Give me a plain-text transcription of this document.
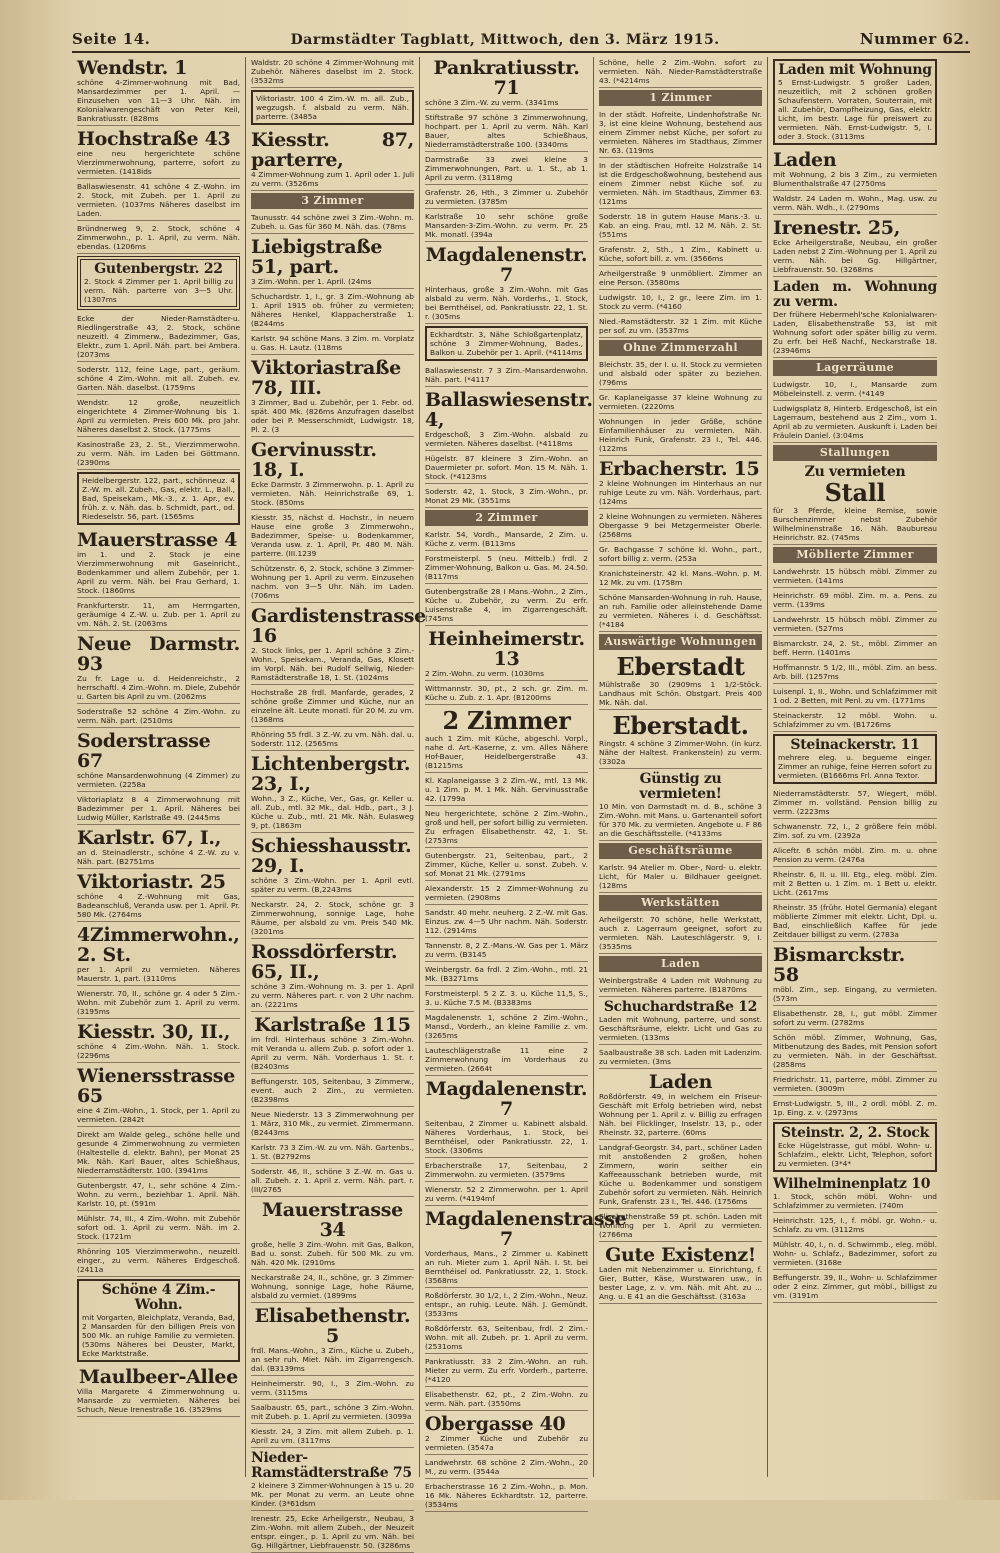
Seite 14.	Darmstädter Tagblatt, Mittwoch, den 3. März 1915.	Nummer 62.
Wendstr. 1
schöne 4-Zimmer-wohnung mit Bad, Mansardezimmer per 1. April. — Einzusehen von 11—3 Uhr. Näh. im Kolonialwarengeschäft von Peter Keil, Bankratiusstr. (828ms
Hochstraße 43
eine neu hergerichtete schöne Vierzimmerwohnung, parterre, sofort zu vermieten. (1418ids
Ballaswiesenstr. 41 schöne 4 Z.-Wohn. im 2. Stock, mit Zubeh. per 1. April zu vermieten. (1037ms Näheres daselbst im Laden.
Bründnerweg 9, 2. Stock, schöne 4 Zimmerwohn., p. 1. April, zu verm. Näh. ebendas. (1206ms
Gutenbergstr. 22
2. Stock 4 Zimmer per 1. April billig zu verm. Näh. parterre von 3—5 Uhr. (1307ms
Ecke der Nieder-Ramstädter-u. Riedlingerstraße 43, 2. Stock, schöne neuzeitl. 4 Zimmerw., Badezimmer, Gas, Elektr., zum 1. April. Näh. part. bei Ambera. (2073ms
Soderstr. 112, feine Lage, part., geräum. schöne 4 Zim.-Wohn. mit all. Zubeh. ev. Garten. Näh. daselbst. (1759ms
Wendstr. 12 große, neuzeitlich eingerichtete 4 Zimmer-Wohnung bis 1. April zu vermieten. Preis 600 Mk. pro Jahr. Näheres daselbst 2. Stock. (1775ms
Kasinostraße 23, 2. St., Vierzimmerwohn. zu verm. Näh. im Laden bei Göttmann. (2390ms
Heidelbergerstr. 122, part., schönneuz. 4 Z.-W. m. all. Zubeh., Gas, elektr. L., Ball., Bad, Speisekam., Mk.-3., z. 1. Apr., ev. früh. z. v. Näh. das. b. Schmidt, part., od. Riedeselstr. 56, part. (1565ms
Mauerstrasse 4
im 1. und 2. Stock je eine Vierzimmerwohnung mit Gaseinricht., Bodenkammer und allem Zubehör, per 1. April zu verm. Näh. bei Frau Gerhard, 1. Stock. (1860ms
Frankfurterstr. 11, am Herrngarten, geräumige 4 Z.-W. u. Zub. per 1. April zu vm. Näh. 2. St. (2063ms
Neue Darmstr. 93
Zu fr. Lage u. d. Heidenreichstr., 2 herrschaftl. 4 Zim.-Wohn. m. Diele, Zubehör u. Garten bis April zu vm. (2062ms
Soderstraße 52 schöne 4 Zim.-Wohn. zu verm. Näh. part. (2510ms
Soderstrasse 67
schöne Mansardenwohnung (4 Zimmer) zu vermieten. (2258a
Viktoriaplatz 8 4 Zimmerwohnung mit Badezimmer per 1. April. Näheres bei Ludwig Müller, Karlstraße 49. (2445ms
Karlstr. 67, I.,
an d. Steinadlerstr., schöne 4 Z.-W. zu v. Näh. part. (B2751ms
Viktoriastr. 25
schöne 4 Z.-Wohnung mit Gas, Badeanschluß, Veranda usw. per 1. April. Pr. 580 Mk. (2764ms
4Zimmerwohn., 2. St.
per 1. April zu vermieten. Näheres Mauerstr. 1, part. (3110ms
Wienerstr. 70, II., schöne gr. 4 oder 5 Zim.-Wohn. mit Zubehör zum 1. April zu verm. (3195ms
Kiesstr. 30, II.,
schöne 4 Zim.-Wohn. Näh. 1. Stock. (2296ms
Wienersstrasse 65
eine 4 Zim.-Wohn., 1. Stock, per 1. April zu vermieten. (2842t
Direkt am Walde geleg., schöne helle und gesunde 4 Zimmerwohnung zu vermieten (Haltestelle d. elektr. Bahn), per Monat 25 Mk. Näh. Karl Bauer, altes Schießhaus, Niederramstädterstr. 100. (3941ms
Gutenbergstr. 47, I., sehr schöne 4 Zim.-Wohn. zu verm., beziehbar 1. April. Näh. Karlstr. 10, pt. (591m
Mühlstr. 74, III., 4 Zim.-Wohn. mit Zubehör sofort od. 1. April zu verm. Näh. im 2. Stock. (1721m
Rhönring 105 Vierzimmerwohn., neuzeitl. einger., zu verm. Näheres Erdgeschoß. (2411a
Schöne 4 Zim.-Wohn.
mit Vorgarten, Bleichplatz, Veranda, Bad, 2 Mansarden für den billigen Preis von 500 Mk. an ruhige Familie zu vermieten. (530ms Näheres bei Deuster, Markt, Ecke Marktstraße.
Maulbeer-Allee
Villa Margarete 4 Zimmerwohnung u. Mansarde zu vermieten. Näheres bei Schuch, Neue Irenestraße 16. (3529ms
Waldstr. 20 schöne 4 Zimmer-Wohnung mit Zubehör. Näheres daselbst im 2. Stock. (3532ms
Viktoriastr. 100 4 Zim.-W. m. all. Zub., wegzugsh. f. alsbald zu verm. Näh. parterre. (3485a
Kiesstr. 87, parterre,
4 Zimmer-Wohnung zum 1. April oder 1. Juli zu verm. (3526ms
3 Zimmer
Taunusstr. 44 schöne zwei 3 Zim.-Wohn. m. Zubeh. u. Gas für 360 M. Näh. das. (78ms
Liebigstraße 51, part.
3 Zim.-Wohn. per 1. April. (24ms
Schuchardstr. 1, I., gr. 3 Zim.-Wohnung ab 1. April 1915 ob. früher zu vermieten; Näheres Henkel, Klappacherstraße 1. (B244ms
Karlstr. 94 schöne Mans. 3 Zim. m. Vorplatz u. Gas. H. Lautz. (118ms
Viktoriastraße 78, III.
3 Zimmer, Bad u. Zubehör, per 1. Febr. od. spät. 400 Mk. (826ms Anzufragen daselbst oder bei P. Messerschmidt, Ludwigstr. 18, Pl. 2. (3
Gervinusstr. 18, I.
Ecke Darmstr. 3 Zimmerwohn. p. 1. April zu vermieten. Näh. Heinrichstraße 69, 1. Stock. (850ms
Kiesstr. 35, nächst d. Hochstr., in neuem Hause eine große 3 Zimmerwohn., Badezimmer, Speise- u. Bodenkammer, Veranda usw. z. 1. April, Pr. 480 M. Näh. parterre. (III.1239
Schützenstr. 6, 2. Stock, schöne 3 Zimmer-Wohnung per 1. April zu verm. Einzusehen nachm. von 3—5 Uhr. Näh. im Laden. (706ms
Gardistenstrasse 16
2. Stock links, per 1. April schöne 3 Zim.-Wohn., Speisekam., Veranda, Gas, Klosett im Vorpl. Näh. bei Rudolf Sellwig, Nieder-Ramstädterstraße 18, 1. St. (1024ms
Hochstraße 28 frdl. Manfarde, gerades, 2 schöne große Zimmer und Küche, nur an einzelne ält. Leute monatl. für 20 M. zu vm. (1368ms
Rhönring 55 frdl. 3 Z.-W. zu vm. Näh. dal. u. Soderstr. 112. (2565ms
Lichtenbergstr. 23, I.,
Wohn., 3 Z., Küche, Ver., Gas, gr. Keller u. all. Zub., mtl. 32 Mk., dal. Hdb., part., 3 J. Küche u. Zub., mtl. 21 Mk. Näh. Eulasweg 9, pt. (1863m
Schiesshausstr. 29, I.
schöne 3 Zim.-Wohn. per 1. April evtl. später zu verm. (B,2243ms
Neckarstr. 24, 2. Stock, schöne gr. 3 Zimmerwohnung, sonnige Lage, hohe Räume, per alsbald zu vm. Preis 540 Mk. (3201ms
Rossdörferstr. 65, II.,
schöne 3 Zim.-Wohnung m. 3. per 1. April zu verm. Näheres part. r. von 2 Uhr nachm. an. (2221ms
Karlstraße 115
im frdl. Hinterhaus schöne 3 Zim.-Wohn. mit Veranda u. allem Zub. p. sofort oder 1. April zu verm. Näh. Vorderhaus 1. St. r. (B2403ms
Beffungerstr. 105, Seitenbau, 3 Zimmerw., event. auch 2 Zim., zu vermieten. (B2398ms
Neue Niederstr. 13 3 Zimmerwohnung per 1. März, 310 Mk., zu vermiet. Zimmermann. (B2443ms
Karlstr. 73 3 Zim.-W. zu vm. Näh. Gartenbs., 1. St. (B2792ms
Soderstr. 46, II., schöne 3 Z.-W. m. Gas u. all. Zubeh. z. 1. April z. verm. Näh. part. r. (III/2765
Mauerstrasse 34
große, helle 3 Zim.-Wohn. mit Gas, Balkon, Bad u. sonst. Zubeh. für 500 Mk. zu vm. Näh. 420 Mk. (2910ms
Neckarstraße 24, II., schöne, gr. 3 Zimmer-Wohnung, sonnige Lage, hohe Räume, alsbald zu vermiet. (1899ms
Elisabethenstr. 5
frdl. Mans.-Wohn., 3 Zim., Küche u. Zubeh., an sehr ruh. Miet. Näh. im Zigarrengesch. dal. (B3139ms
Heinheimerstr. 90, I., 3 Zim.-Wohn. zu verm. (3115ms
Saalbaustr. 65, part., schöne 3 Zim.-Wohn. mit Zubeh. p. 1. April zu vermieten. (3099a
Kiesstr. 24, 3 Zim. mit allem Zubeh. p. 1. April zu vm. (3117ms
Nieder-Ramstädterstraße 75
2 kleinere 3 Zimmer-Wohnungen à 15 u. 20 Mk. per Monat zu verm. an Leute ohne Kinder. (3*61dsm
Irenestr. 25, Ecke Arheilgerstr., Neubau, 3 Zim.-Wohn. mit allem Zubeh., der Neuzeit entspr. einger., p. 1. April zu vm. Näh. bei Gg. Hillgärtner, Liebfrauenstr. 50. (3286ms
Pankratiusstr. 71
schöne 3 Zim.-W. zu verm. (3341ms
Stiftstraße 97 schöne 3 Zimmerwohnung, hochpart. per 1. April zu verm. Näh. Karl Bauer, altes Schießhaus, Niederramstädterstraße 100. (3340ms
Darmstraße 33 zwei kleine 3 Zimmerwohnungen, Part. u. 1. St., ab 1. April zu verm. (3118mg
Grafenstr. 26, Hth., 3 Zimmer u. Zubehör zu vermieten. (3785m
Karlstraße 10 sehr schöne große Mansarden-3-Zim.-Wohn. zu verm. Pr. 25 Mk. monatl. (394a
Magdalenenstr. 7
Hinterhaus, große 3 Zim.-Wohn. mit Gas alsbald zu verm. Näh. Vorderhs., 1. Stock, bei Bernthéisel, od. Pankratiusstr. 22, 1. St. r. (305ms
Eckhardtstr. 3, Nähe Schloßgartenplatz, schöne 3 Zimmer-Wohnung, Bades., Balkon u. Zubehör per 1. April. (*4114ms
Ballaswiesenstr. 7 3 Zim.-Mansardenwohn. Näh. part. (*4117
Ballaswiesenstr. 4,
Erdgeschoß, 3 Zim.-Wohn. alsbald zu vermieten. Näheres daselbst. (*4118ms
Hügelstr. 87 kleinere 3 Zim.-Wohn. an Dauermieter pr. sofort. Mon. 15 M. Näh. 1. Stock. (*4123ms
Soderstr. 42, 1. Stock, 3 Zim.-Wohn., pr. Monat 29 Mk. (3551ms
2 Zimmer
Karlstr. 54, Vordh., Mansarde, 2 Zim. u. Küche z. verm. (B113ms
Forstmeisterpl. 5 (neu. Mittelb.) frdl. 2 Zimmer-Wohnung, Balkon u. Gas. M. 24.50. (B117ms
Gutenbergstraße 28 I Mans.-Wohn., 2 Zim., Küche u. Zubehör, zu verm. Zu erfr. Luisenstraße 4, im Zigarrengeschäft. (745ms
Heinheimerstr. 13
2 Zim.-Wohn. zu verm. (1030ms
Wittmannstr. 30, pt., 2 sch. gr. Zim. m. Küche u. Zub. z. 1. Apr. (B1200ms
2 Zimmer
auch 1 Zim. mit Küche, abgeschl. Vorpl., nahe d. Art.-Kaserne, z. vm. Alles Nähere Hof-Bauer, Heidelbergerstraße 43. (B1215ms
Kl. Kaplaneigasse 3 2 Zim.-W., mtl. 13 Mk. u. 1 Zim. p. M. 1 Mk. Näh. Gervinusstraße 42. (1799a
Neu hergerichtete, schöne 2 Zim.-Wohn., groß und hell, per sofort billig zu vermieten. Zu erfragen Elisabethenstr. 42, 1. St. (2753ms
Gutenbergstr. 21, Seitenbau, part., 2 Zimmer, Küche, Keller u. sonst. Zubeh. v. sof. Monat 21 Mk. (2791ms
Alexanderstr. 15 2 Zimmer-Wohnung zu vermieten. (2908ms
Sandstr. 40 mehr. neuherg. 2 Z.-W. mit Gas. Einzus. zw. 4—5 Uhr nachm. Näh. Soderstr. 112. (2914ms
Tannenstr. 8, 2 Z.-Mans.-W. Gas per 1. März zu verm. (B3145
Weinbergstr. 6a frdl. 2 Zim.-Wohn., mtl. 21 Mk. (B3271ms
Forstmeisterpl. 5 2 Z. 3. u. Küche 11,5, S., 3. u. Küche 7.5 M. (B3383ms
Magdalenenstr. 1, schöne 2 Zim.-Wohn., Mansd., Vorderh., an kleine Familie z. vm. (3265ms
Lauteschlägerstraße 11 eine 2 Zimmerwohnung im Vorderhaus zu vermieten. (2664t
Magdalenenstr. 7
Seitenbau, 2 Zimmer u. Kabinett alsbald. Näheres Vorderhaus, 1. Stock, bei Bernthéisel, oder Pankratiusstr. 22, 1. Stock. (3306ms
Erbacherstraße 17, Seitenbau, 2 Zimmerwohn. zu vermieten. (3579ms
Wienerstr. 52 2 Zimmerwohn. per 1. April zu verm. (*4194mf
Magdalenenstrasse 7
Vorderhaus, Mans., 2 Zimmer u. Kabinett an ruh. Mieter zum 1. April Näh. I. St. bei Bernthéisel od. Pankratiusstr. 22, 1. Stock. (3568ms
Roßdörferstr. 30 1/2, I., 2 Zim.-Wohn., Neuz. entspr., an ruhig. Leute. Näh. J. Gemündt. (3533ms
Roßdörferstr. 63, Seitenbau, frdl. 2 Zim.-Wohn. mit all. Zubeh. pr. 1. April zu verm. (2531oms
Pankratiusstr. 33 2 Zim.-Wohn. an ruh. Mieter zu verm. Zu erfr. Vorderh., parterre. (*4120
Elisabethenstr. 62, pt., 2 Zim.-Wohn. zu verm. Näh. part. (3550ms
Obergasse 40
2 Zimmer Küche und Zubehör zu vermieten. (3547a
Landwehrstr. 68 schöne 2 Zim.-Wohn., 20 M., zu verm. (3544a
Erbacherstrasse 16 2 Zim.-Wohn., p. Mon. 16 Mk. Näheres Eckhardtstr. 12, parterre. (3534ms
Schöne, helle 2 Zim.-Wohn. sofort zu vermieten. Näh. Nieder-Ramstädterstraße 43. (*4214ms
1 Zimmer
In der städt. Hofreite, Lindenhofstraße Nr. 3, ist eine kleine Wohnung, bestehend aus einem Zimmer nebst Küche, per sofort zu vermieten. Näheres im Stadthaus, Zimmer Nr. 63. (119ms
In der städtischen Hofreite Holzstraße 14 ist die Erdgeschoßwohnung, bestehend aus einem Zimmer nebst Küche sof. zu vermieten. Näh. im Stadthaus, Zimmer 63. (121ms
Soderstr. 18 in gutem Hause Mans.-3. u. Kab. an eing. Frau, mtl. 12 M. Näh. 2. St. (551ms
Grafenstr. 2, Sth., 1 Zim., Kabinett u. Küche, sofort bill. z. vm. (3566ms
Arheilgerstraße 9 unmöbliert. Zimmer an eine Person. (3580ms
Ludwigstr. 10, I., 2 gr., leere Zim. im 1. Stock zu verm. (*4160
Nied.-Ramstädterstr. 32 1 Zim. mit Küche per sof. zu vm. (3537ms
Ohne Zimmerzahl
Bleichstr. 35, der I. u. II. Stock zu vermieten und alsbald oder später zu beziehen. (796ms
Gr. Kaplaneigasse 37 kleine Wohnung zu vermieten. (2220ms
Wohnungen in jeder Größe, schöne Einfamilienhäuser zu vermieten. Näh. Heinrich Funk, Grafenstr. 23 I., Tel. 446. (122ms
Erbacherstr. 15
2 kleine Wohnungen im Hinterhaus an nur ruhige Leute zu vm. Näh. Vorderhaus, part. (124ms
2 kleine Wohnungen zu vermieten. Näheres Obergasse 9 bei Metzgermeister Oberle. (2568ms
Gr. Bachgasse 7 schöne kl. Wohn., part., sofort billig z. verm. (253a
Kranichsteinerstr. 42 kl. Mans.-Wohn. p. M. 12 Mk. zu vm. (1758m
Schöne Mansarden-Wohnung in ruh. Hause, an ruh. Familie oder alleinstehende Dame zu vermieten. Näheres i. d. Geschäftsst. (*4184
Auswärtige Wohnungen
Eberstadt
Mühlstraße 30 (2909ms 1 1/2-Stöck. Landhaus mit Schön. Obstgart. Preis 400 Mk. Näh. dal.
Eberstadt.
Ringstr. 4 schöne 3 Zimmer-Wohn. (in kurz. Nähe der Haltest. Frankenstein) zu verm. (3302a
Günstig zu vermieten!
10 Min. von Darmstadt m. d. B., schöne 3 Zim.-Wohn. mit Mans. u. Gartenanteil sofort für 370 Mk. zu vermieten. Angebote u. F 86 an die Geschäftsstelle. (*4133ms
Geschäftsräume
Karlstr. 94 Atelier m. Ober-, Nord- u. elektr. Licht, für Maler u. Bildhauer geeignet. (128ms
Werkstätten
Arheilgerstr. 70 schöne, helle Werkstatt, auch z. Lagerraum geeignet, sofort zu vermieten. Näh. Lauteschlägerstr. 9, I. (3535ms
Laden
Weinbergstraße 4 Laden mit Wohnung zu vermieten. Näheres parterre. (B1870ms
Schuchardstraße 12
Laden mit Wohnung, parterre, und sonst. Geschäftsräume, elektr. Licht und Gas zu vermieten. (133ms
Saalbaustraße 38 sch. Laden mit Ladenzim. zu vermieten. (3ms
Laden
Roßdörferstr. 49, in welchem ein Friseur-Geschäft mit Erfolg betrieben wird, nebst Wohnung per 1. April z. v. Billig zu erfragen Näh. bei Flicklinger, Inselstr. 13, p., oder Rheinstr. 32, parterre. (60ms
Landgraf-Georgstr. 34, part., schöner Laden mit anstoßenden 2 großen, hohen Zimmern, worin seither ein Kaffeeausschank betrieben wurde, mit Küche u. Bodenkammer und sonstigem Zubehör sofort zu vermieten. Näh. Heinrich Funk, Grafenstr. 23 I., Tel. 446. (1756ms
Elisabethenstraße 59 pt. schön. Laden mit Wohnung per 1. April zu vermieten. (2766ma
Gute Existenz!
Laden mit Nebenzimmer u. Einrichtung, f. Gier, Butter, Käse, Wurstwaren usw., in bester Lage, z. v. vm. Näh. mit Aht. zu ... Ang. u. E 41 an die Geschäftsst. (3163a
Laden mit Wohnung
5 Ernst-Ludwigstr. 5 großer Laden, neuzeitlich, mit 2 schönen großen Schaufenstern. Vorraten, Souterrain, mit all. Zubehör, Dampfheizung, Gas, elektr. Licht, im bestr. Lage für preiswert zu vermieten. Näh. Ernst-Ludwigstr. 5, I. oder 3. Stock. (3113ms
Laden
mit Wohnung, 2 bis 3 Zim., zu vermieten Blumenthalstraße 47 (2750ms
Waldstr. 24 Laden m. Wohn., Mag. usw. zu verm. Näh. Wdh., I. (2790ms
Irenestr. 25,
Ecke Arheilgerstraße, Neubau, ein großer Laden nebst 2 Zim.-Wohnung per 1. April zu verm. Näh. bei Gg. Hillgärtner, Liebfrauenstr. 50. (3268ms
Laden m. Wohnung zu verm.
Der frühere Hebermehl'sche Kolonialwaren-Laden, Elisabethenstraße 53, ist mit Wohnung sofort oder später billig zu verm. Zu erfr. bei Heß Nachf., Neckarstraße 18. (23946ms
Lagerräume
Ludwigstr. 10, I., Mansarde zum Möbeleinstell. z. verm. (*4149
Ludwigsplatz 8, Hinterb. Erdgeschoß, ist ein Lagerraum, bestehend aus 2 Zim., vom 1. April ab zu vermieten. Auskunft i. Laden bei Fräulein Daniel. (3:04ms
Stallungen
Zu vermieten
Stall
für 3 Pferde, kleine Remise, sowie Burschenzimmer nebst Zubehör Wilhelminenstraße 16. Näh. Baubureau Heinrichstr. 82. (745ms
Möblierte Zimmer
Landwehrstr. 15 hübsch möbl. Zimmer zu vermieten. (141ms
Heinrichstr. 69 möbl. Zim. m. a. Pens. zu verm. (139ms
Landwehrstr. 15 hübsch möbl. Zimmer zu vermieten. (527ms
Bismarckstr. 24, 2. St., möbl. Zimmer an beff. Herrn. (1401ms
Hoffmannstr. 5 1/2, III., möbl. Zim. an bess. Arb. bill. (1257ms
Luisenpl. 1, II., Wohn. und Schlafzimmer mit 1 od. 2 Betten, mit Penl. zu vm. (1771ms
Steinackerstr. 12 möbl. Wohn. u. Schlafzimmer zu vm. (B1726ms
Steinackerstr. 11
mehrere eleg. u. begueme einger. Zimmer an ruhige, feine Herren sofort zu vermieten. (B1666ms Frl. Anna Textor.
Niederramstädterstr. 57, Wiegert, möbl. Zimmer m. vollständ. Pension billig zu verm. (2223ms
Schwanenstr. 72, I., 2 größere fein möbl. Zim. sof. zu vm. (2392a
Aliceftr. 6 schön möbl. Zim. m. u. ohne Pension zu verm. (2476a
Rheinstr. 6, II. u. III. Etg., eleg. möbl. Zim. mit 2 Betten u. 1 Zim. m. 1 Bett u. elektr. Licht. (2617ms
Rheinstr. 35 (frühr. Hotel Germania) elegant möblierte Zimmer mit elektr. Licht, Dpl. u. Bad, einschließlich Kaffee für jede Zeitdauer billigst zu verm. (2783a
Bismarckstr. 58
möbl. Zim., sep. Eingang, zu vermieten. (573m
Elisabethenstr. 28, I., gut möbl. Zimmer sofort zu verm. (2782ms
Schön möbl. Zimmer, Wohnung, Gas, Mitbenutzung des Bades, mit Pension sofort zu vermieten. Näh. in der Geschäftsst. (2858ms
Friedrichstr. 11, parterre, möbl. Zimmer zu vermieten. (3009m
Ernst-Ludwigstr. 5, III., 2 ordl. möbl. Z. m. 1p. Eing. z. v. (2973ms
Steinstr. 2, 2. Stock
Ecke Hügelstrasse, gut möbl. Wohn- u. Schlafzim., elektr. Licht, Telephon, sofort zu vermieten. (3*4*
Wilhelminenplatz 10
1. Stock, schön möbl. Wohn- und Schlafzimmer zu vermieten. (740m
Heinrichstr. 125, I., f. möbl. gr. Wohn.- u. Schlafz. zu vm. (3112ms
Mühlstr. 40, I., n. d. Schwimmb., eleg. möbl. Wohn- u. Schlafz., Badezimmer, sofort zu vermieten. (3168e
Beffungerstr. 39, II., Wohn- u. Schlafzimmer oder 2 einz. Zimmer, gut möbl., billigst zu vm. (3191m
